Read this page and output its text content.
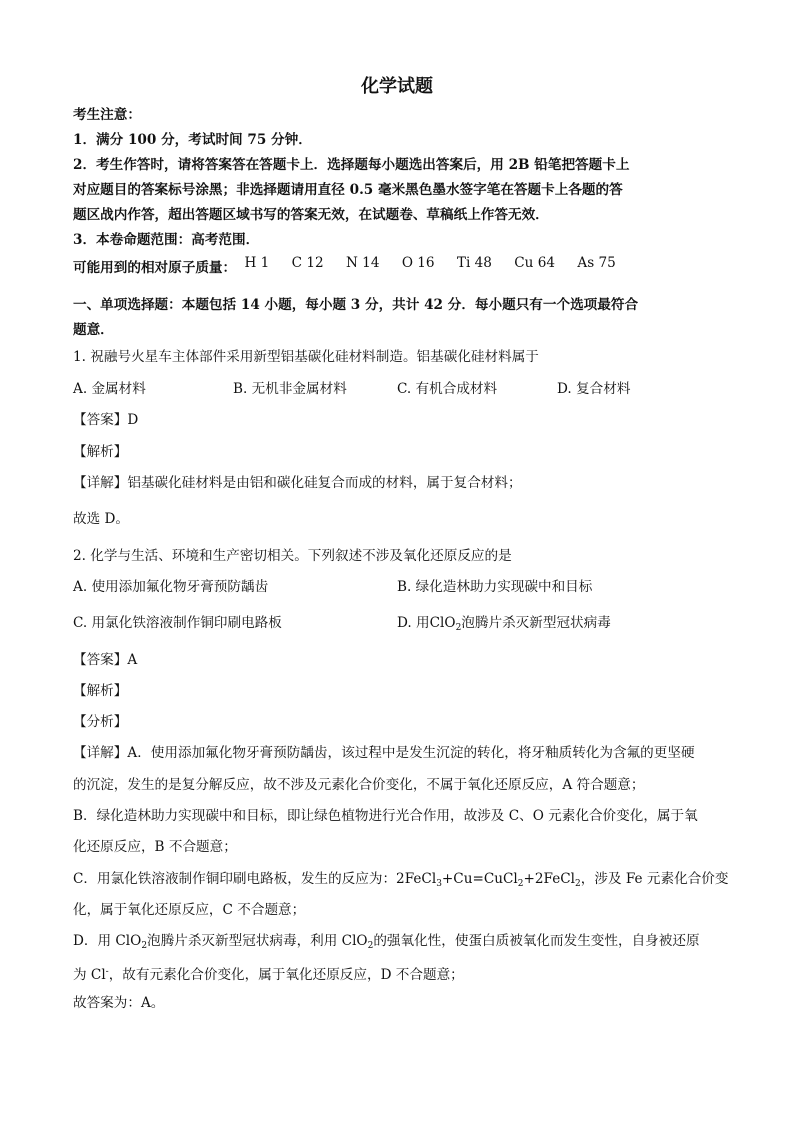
化学试题
考生注意：
1．满分 100 分，考试时间 75 分钟．
2．考生作答时，请将答案答在答题卡上．选择题每小题选出答案后，用 2B 铅笔把答题卡上
对应题目的答案标号涂黑；非选择题请用直径 0.5 毫米黑色墨水签字笔在答题卡上各题的答
题区战内作答，超出答题区域书写的答案无效，在试题卷、草稿纸上作答无效．
3．本卷命题范围：高考范围．
可能用到的相对原子质量： H 1 C 12 N 14 O 16 Ti 48 Cu 64 As 75
一、单项选择题：本题包括 14 小题，每小题 3 分，共计 42 分．每小题只有一个选项最符合
题意．
1. 祝融号火星车主体部件采用新型铝基碳化硅材料制造。铝基碳化硅材料属于
A. 金属材料	B. 无机非金属材料	C. 有机合成材料	D. 复合材料
【答案】D
【解析】
【详解】铝基碳化硅材料是由铝和碳化硅复合而成的材料，属于复合材料；
故选 D。
2. 化学与生活、环境和生产密切相关。下列叙述不涉及氧化还原反应的是
A. 使用添加氟化物牙膏预防龋齿	B. 绿化造林助力实现碳中和目标
C. 用氯化铁溶液制作铜印刷电路板	D. 用ClO$_2$泡腾片杀灭新型冠状病毒
【答案】A
【解析】
【分析】
【详解】A．使用添加氟化物牙膏预防龋齿，该过程中是发生沉淀的转化，将牙釉质转化为含氟的更坚硬
的沉淀，发生的是复分解反应，故不涉及元素化合价变化，不属于氧化还原反应，A 符合题意；
B．绿化造林助力实现碳中和目标，即让绿色植物进行光合作用，故涉及 C、O 元素化合价变化，属于氧
化还原反应，B 不合题意；
C．用氯化铁溶液制作铜印刷电路板，发生的反应为：2FeCl$_3$+Cu=CuCl$_2$+2FeCl$_2$，涉及 Fe 元素化合价变
化，属于氧化还原反应，C 不合题意；
D．用 ClO$_2$泡腾片杀灭新型冠状病毒，利用 ClO$_2$的强氧化性，使蛋白质被氧化而发生变性，自身被还原
为 Cl-，故有元素化合价变化，属于氧化还原反应，D 不合题意；
故答案为：A。
